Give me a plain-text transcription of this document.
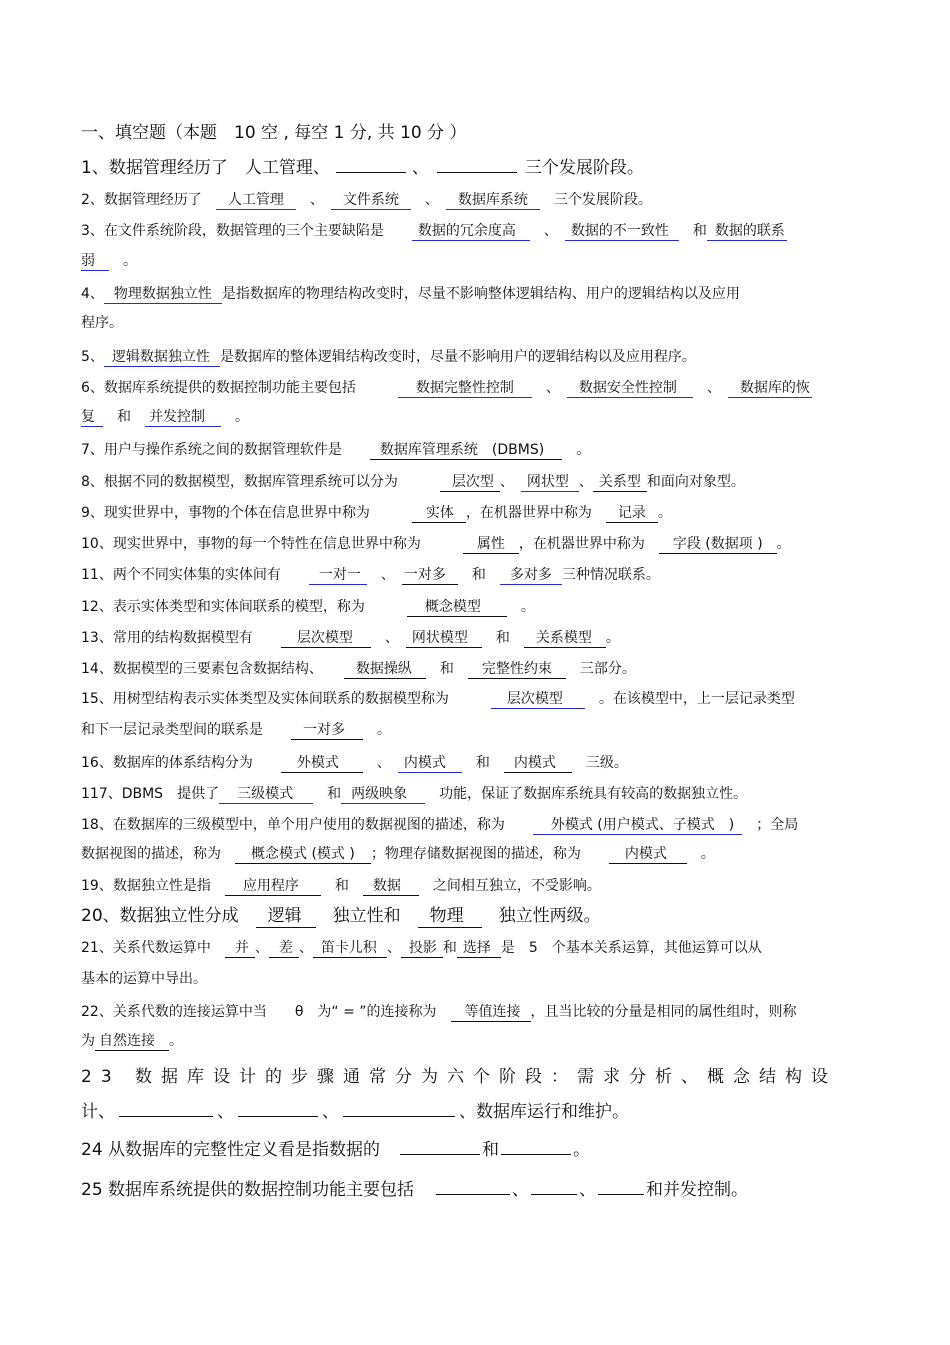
一、填空题（本题　10 空 , 每空 1 分, 共 10 分 ）
1、数据管理经历了　人工管理、	、	三个发展阶段。
2、数据管理经历了　 人工管理　 、　 文件系统　 、　 数据库系统　 三个发展阶段。
3、在文件系统阶段，数据管理的三个主要缺陷是　　 数据的冗余度高　 、　 数据的不一致性　 和 数据的联系
弱　 。
4、 物理数据独立性 是指数据库的物理结构改变时，尽量不影响整体逻辑结构、用户的逻辑结构以及应用
程序。
5、 逻辑数据独立性 是数据库的整体逻辑结构改变时，尽量不影响用户的逻辑结构以及应用程序。
6、数据库系统提供的数据控制功能主要包括　　　	数据完整性控制　 、　 数据安全性控制　 、　 数据库的恢
复　 和　 并发控制　 。
7、用户与操作系统之间的数据管理软件是　　	数据库管理系统　(DBMS)　 。
8、根据不同的数据模型，数据库管理系统可以分为　　　	层次型 、　 网状型 、 关系型 和面向对象型。
9、现实世界中，事物的个体在信息世界中称为　　　	实体 ，在机器世界中称为　 记录 。
10、现实世界中，事物的每一个特性在信息世界中称为　　　	属性 ，在机器世界中称为　 字段 (数据项 ) 。
11、两个不同实体集的实体间有　　	一对一　 、　 一对多　 和　 多对多 三种情况联系。
12、表示实体类型和实体间联系的模型，称为　　　	概念模型　	。
13、常用的结构数据模型有　　	层次模型　 、　 网状模型　 和　 关系模型 。
14、数据模型的三要素包含数据结构、　　	数据操纵　 和　 完整性约束　 三部分。
15、用树型结构表示实体类型及实体间联系的数据模型称为　　　	层次模型　	。在该模型中，上一层记录类型
和下一层记录类型间的联系是　　	一对多　 。
16、数据库的体系结构分为　　	外模式　	、　 内模式　 和　 内模式　 三级。
117、DBMS　提供了 三级模式　 和 两级映象　 功能，保证了数据库系统具有较高的数据独立性。
18、在数据库的三级模型中，单个用户使用的数据视图的描述，称为　　	外模式 (用户模式、子模式　)　 ；全局
数据视图的描述，称为　 概念模式 (模式 ) ；物理存储数据视图的描述，称为　　	内模式　 。
19、数据独立性是指　 应用程序　	和　 数据　 之间相互独立，不受影响。
20、数据独立性分成　 逻辑　 独立性和　 物理　 独立性两级。
21、关系代数运算中　 并 、 差 、 笛卡儿积 、 投影 和 选择 是　5　个基本关系运算，其他运算可以从
基本的运算中导出。
22、关系代数的连接运算中当　　θ　为“ = ”的连接称为　 等值连接 ，且当比较的分量是相同的属性组时，则称
为 自然连接 。
23 数据库设计的步骤通常分为六个阶段：需求分析、概念结构设
计、	、	、	、数据库运行和维护。
24 从数据库的完整性定义看是指数据的	和	。
25 数据库系统提供的数据控制功能主要包括	、	、	和并发控制。
